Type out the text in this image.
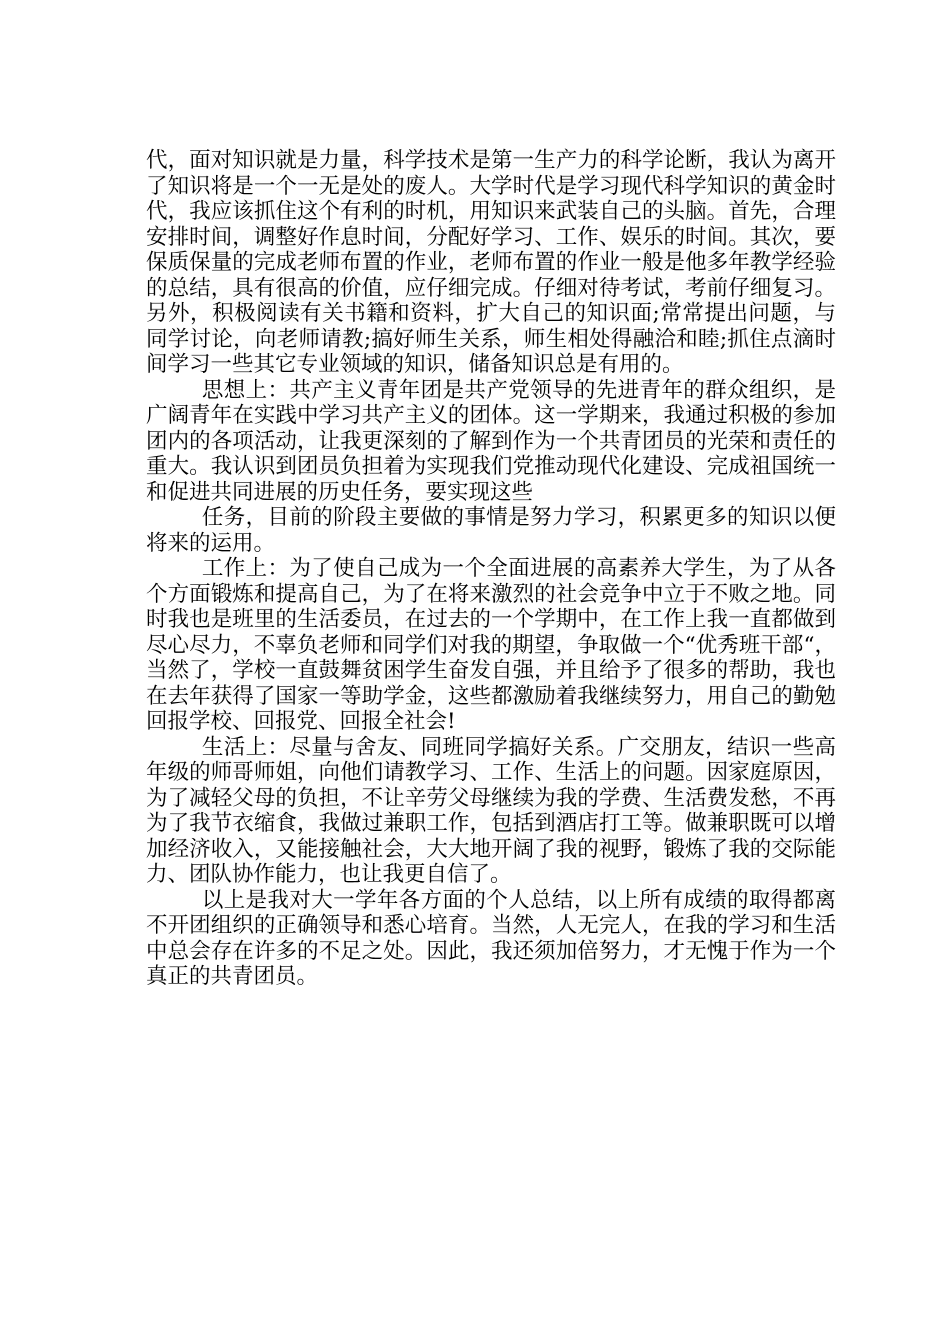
代，面对知识就是力量，科学技术是第一生产力的科学论断，我认为离开了知识将是一个一无是处的废人。大学时代是学习现代科学知识的黄金时代，我应该抓住这个有利的时机，用知识来武装自己的头脑。首先，合理安排时间，调整好作息时间，分配好学习、工作、娱乐的时间。其次，要保质保量的完成老师布置的作业，老师布置的作业一般是他多年教学经验的总结，具有很高的价值，应仔细完成。仔细对待考试，考前仔细复习。另外，积极阅读有关书籍和资料，扩大自己的知识面;常常提出问题，与同学讨论，向老师请教;搞好师生关系，师生相处得融洽和睦;抓住点滴时间学习一些其它专业领域的知识，储备知识总是有用的。

思想上：共产主义青年团是共产党领导的先进青年的群众组织，是广阔青年在实践中学习共产主义的团体。这一学期来，我通过积极的参加团内的各项活动，让我更深刻的了解到作为一个共青团员的光荣和责任的重大。我认识到团员负担着为实现我们党推动现代化建设、完成祖国统一和促进共同进展的历史任务，要实现这些

任务，目前的阶段主要做的事情是努力学习，积累更多的知识以便将来的运用。

工作上：为了使自己成为一个全面进展的高素养大学生，为了从各个方面锻炼和提高自己，为了在将来激烈的社会竞争中立于不败之地。同时我也是班里的生活委员，在过去的一个学期中，在工作上我一直都做到尽心尽力，不辜负老师和同学们对我的期望，争取做一个“优秀班干部“，当然了，学校一直鼓舞贫困学生奋发自强，并且给予了很多的帮助，我也在去年获得了国家一等助学金，这些都激励着我继续努力，用自己的勤勉回报学校、回报党、回报全社会!

生活上：尽量与舍友、同班同学搞好关系。广交朋友，结识一些高年级的师哥师姐，向他们请教学习、工作、生活上的问题。因家庭原因，为了减轻父母的负担，不让辛劳父母继续为我的学费、生活费发愁，不再为了我节衣缩食，我做过兼职工作，包括到酒店打工等。做兼职既可以增加经济收入，又能接触社会，大大地开阔了我的视野，锻炼了我的交际能力、团队协作能力，也让我更自信了。

以上是我对大一学年各方面的个人总结，以上所有成绩的取得都离不开团组织的正确领导和悉心培育。当然，人无完人，在我的学习和生活中总会存在许多的不足之处。因此，我还须加倍努力，才无愧于作为一个真正的共青团员。
